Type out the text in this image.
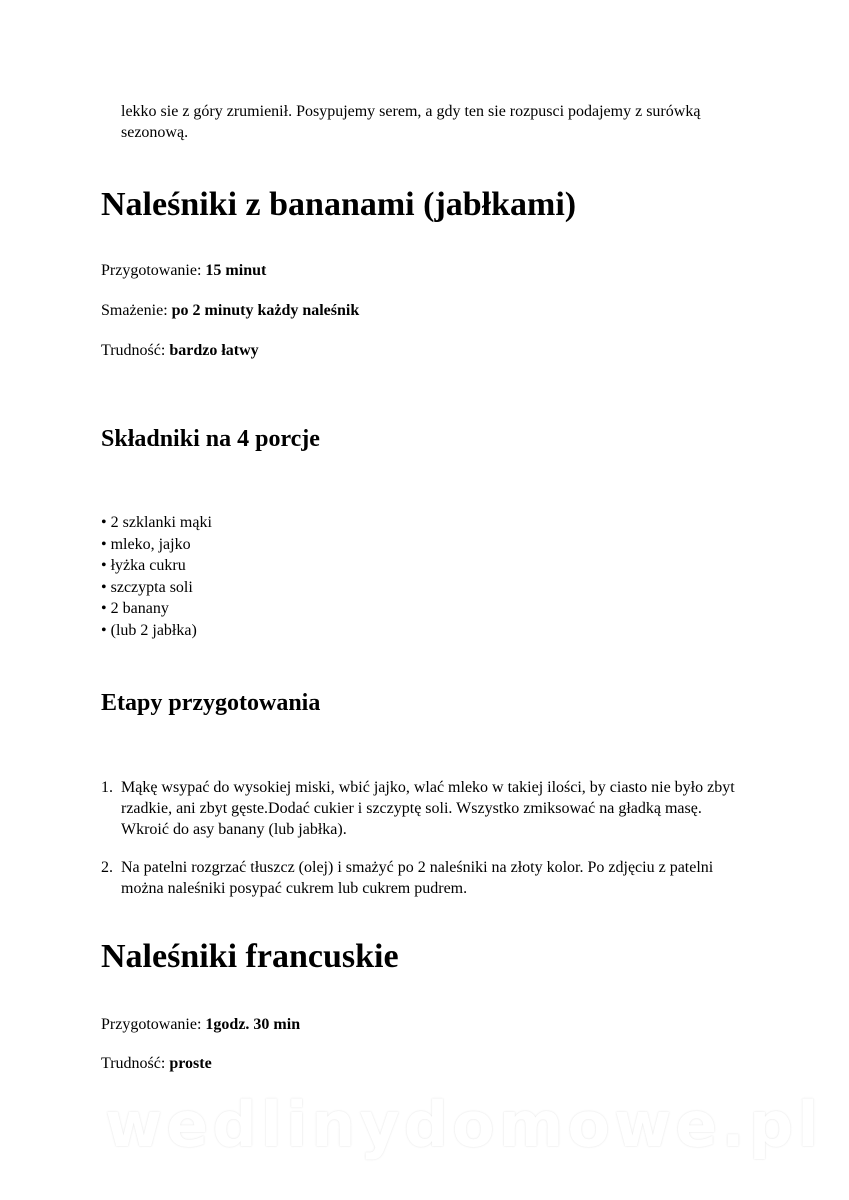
lekko sie z góry zrumienił. Posypujemy serem, a gdy ten sie rozpusci podajemy z surówką sezonową.

Naleśniki z bananami (jabłkami)

Przygotowanie: 15 minut

Smażenie: po 2 minuty każdy naleśnik

Trudność: bardzo łatwy

Składniki na 4 porcje
• 2 szklanki mąki
• mleko, jajko
• łyżka cukru
• szczypta soli
• 2 banany
• (lub 2 jabłka)
Etapy przygotowania
1. Mąkę wsypać do wysokiej miski, wbić jajko, wlać mleko w takiej ilości, by ciasto nie było zbyt rzadkie, ani zbyt gęste.Dodać cukier i szczyptę soli. Wszystko zmiksować na gładką masę. Wkroić do asy banany (lub jabłka).
2. Na patelni rozgrzać tłuszcz (olej) i smażyć po 2 naleśniki na złoty kolor. Po zdjęciu z patelni można naleśniki posypać cukrem lub cukrem pudrem.
Naleśniki francuskie

Przygotowanie: 1godz. 30 min

Trudność: proste

wedlinydomowe.pl
